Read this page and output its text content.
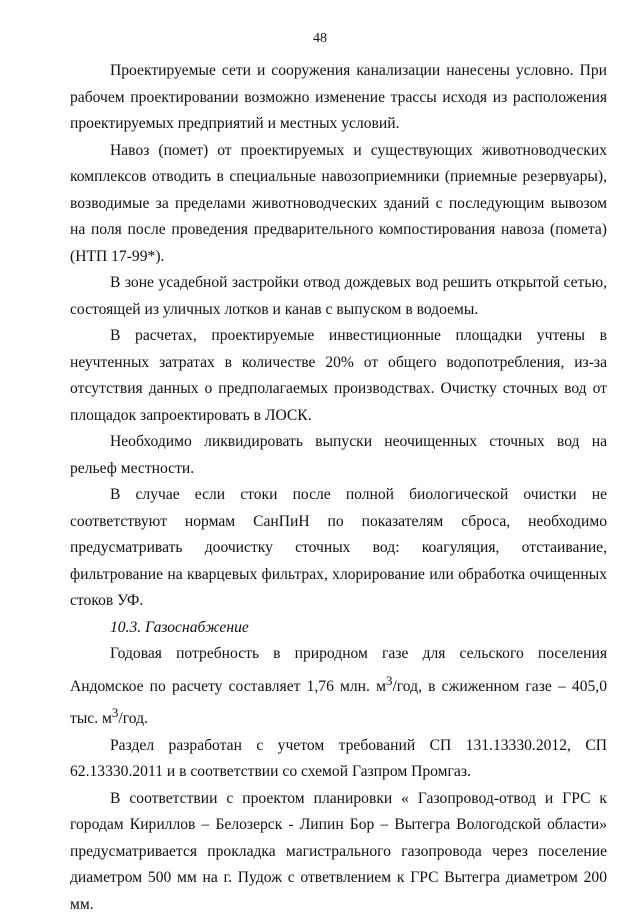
48

Проектируемые сети и сооружения канализации нанесены условно. При рабочем проектировании возможно изменение трассы исходя из расположения проектируемых предприятий и местных условий.

Навоз (помет) от проектируемых и существующих животноводческих комплексов отводить в специальные навозоприемники (приемные резервуары), возводимые за пределами животноводческих зданий с последующим вывозом на поля после проведения предварительного компостирования навоза (помета) (НТП 17-99*).

В зоне усадебной застройки отвод дождевых вод решить открытой сетью, состоящей из уличных лотков и канав с выпуском в водоемы.

В расчетах, проектируемые инвестиционные площадки учтены в неучтенных затратах в количестве 20% от общего водопотребления, из-за отсутствия данных о предполагаемых производствах. Очистку сточных вод от площадок запроектировать в ЛОСК.

Необходимо ликвидировать выпуски неочищенных сточных вод на рельеф местности.

В случае если стоки после полной биологической очистки не соответствуют нормам СанПиН по показателям сброса, необходимо предусматривать доочистку сточных вод: коагуляция, отстаивание, фильтрование на кварцевых фильтрах, хлорирование или обработка очищенных стоков УФ.

10.3. Газоснабжение

Годовая потребность в природном газе для сельского поселения Андомское по расчету составляет 1,76 млн. $м^3$/год, в сжиженном газе – 405,0 тыс. $м^3$/год.

Раздел разработан с учетом требований СП 131.13330.2012, СП 62.13330.2011 и в соответствии со схемой Газпром Промгаз.

В соответствии с проектом планировки « Газопровод-отвод и ГРС к городам Кириллов – Белозерск - Липин Бор – Вытегра Вологодской области» предусматривается прокладка магистрального газопровода через поселение диаметром 500 мм на г. Пудож с ответвлением к ГРС Вытегра диаметром 200 мм.
